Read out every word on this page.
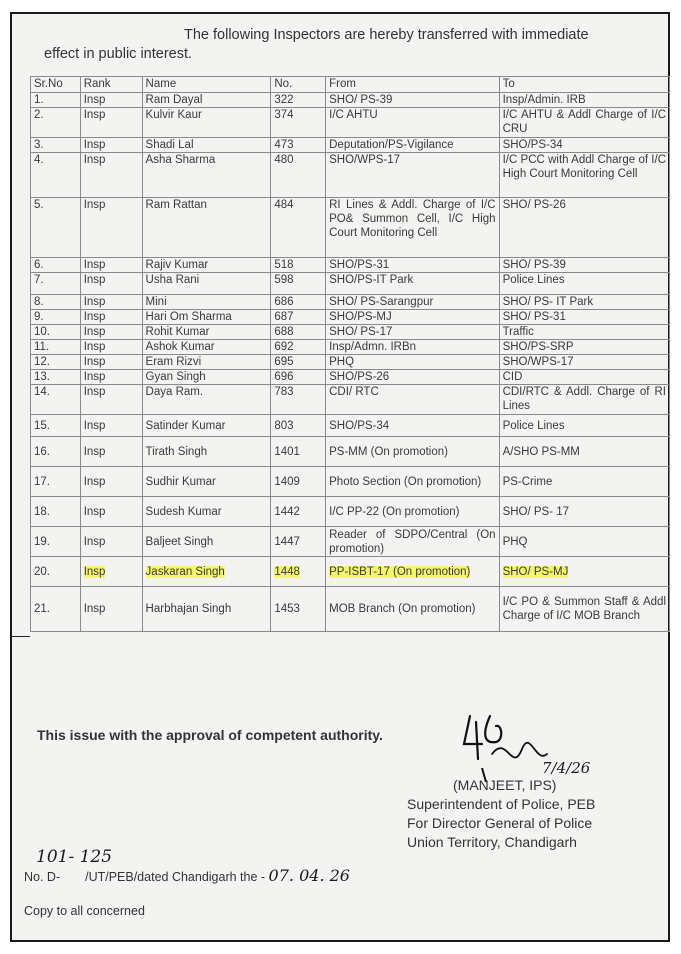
The following Inspectors are hereby transferred with immediate
effect in public interest.
Sr.No	Rank	Name	No.	From	To
1.	Insp	Ram Dayal	322	SHO/ PS-39	Insp/Admin. IRB
2.	Insp	Kulvir Kaur	374	I/C AHTU	I/C AHTU & Addl Charge of I/C CRU
3.	Insp	Shadi Lal	473	Deputation/PS-Vigilance	SHO/PS-34
4.	Insp	Asha Sharma	480	SHO/WPS-17	I/C PCC with Addl Charge of I/C High Court Monitoring Cell
5.	Insp	Ram Rattan	484	RI Lines & Addl. Charge of I/C PO& Summon Cell, I/C High Court Monitoring Cell	SHO/ PS-26
6.	Insp	Rajiv Kumar	518	SHO/PS-31	SHO/ PS-39
7.	Insp	Usha Rani	598	SHO/PS-IT Park	Police Lines
8.	Insp	Mini	686	SHO/ PS-Sarangpur	SHO/ PS- IT Park
9.	Insp	Hari Om Sharma	687	SHO/PS-MJ	SHO/ PS-31
10.	Insp	Rohit Kumar	688	SHO/ PS-17	Traffic
11.	Insp	Ashok Kumar	692	Insp/Admn. IRBn	SHO/PS-SRP
12.	Insp	Eram Rizvi	695	PHQ	SHO/WPS-17
13.	Insp	Gyan Singh	696	SHO/PS-26	CID
14.	Insp	Daya Ram.	783	CDI/ RTC	CDI/RTC & Addl. Charge of RI Lines
15.	Insp	Satinder Kumar	803	SHO/PS-34	Police Lines
16.	Insp	Tirath Singh	1401	PS-MM (On promotion)	A/SHO PS-MM
17.	Insp	Sudhir Kumar	1409	Photo Section (On promotion)	PS-Crime
18.	Insp	Sudesh Kumar	1442	I/C PP-22 (On promotion)	SHO/ PS- 17
19.	Insp	Baljeet Singh	1447	Reader of SDPO/Central (On promotion)	PHQ
20.	Insp	Jaskaran Singh	1448	PP-ISBT-17 (On promotion)	SHO/ PS-MJ
21.	Insp	Harbhajan Singh	1453	MOB Branch (On promotion)	I/C PO & Summon Staff & Addl Charge of I/C MOB Branch
This issue with the approval of competent authority.
7/4/26
(MANJEET, IPS)
Superintendent of Police, PEB
For Director General of Police
Union Territory, Chandigarh
101- 125
No. D- /UT/PEB/dated Chandigarh the - 07. 04. 26
Copy to all concerned
